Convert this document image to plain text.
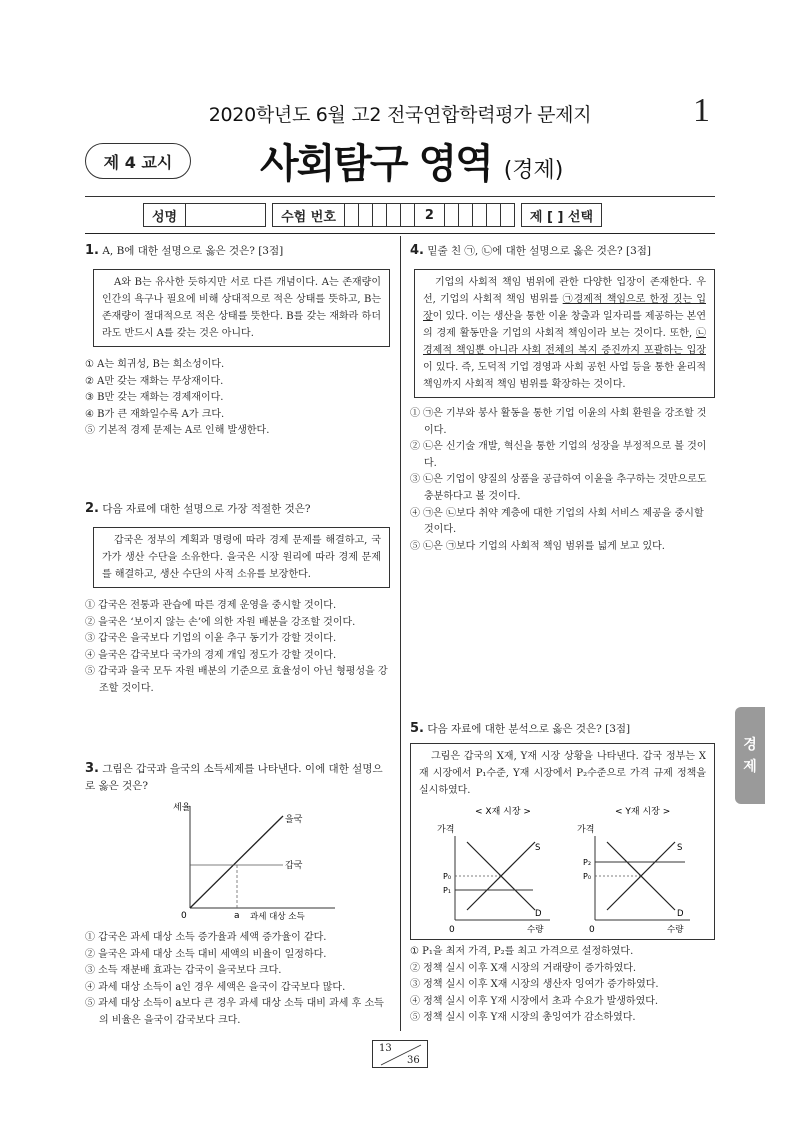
2020학년도 6월 고2 전국연합학력평가 문제지	1
제 4 교시	사회탐구 영역 (경제)
성명	수험 번호	2	제 [ ] 선택
1. A, B에 대한 설명으로 옳은 것은? [3점]
A와 B는 유사한 듯하지만 서로 다른 개념이다. A는 존재량이 인간의 욕구나 필요에 비해 상대적으로 적은 상태를 뜻하고, B는 존재량이 절대적으로 적은 상태를 뜻한다. B를 갖는 재화라 하더라도 반드시 A를 갖는 것은 아니다.
① A는 희귀성, B는 희소성이다.
② A만 갖는 재화는 무상재이다.
③ B만 갖는 재화는 경제재이다.
④ B가 큰 재화일수록 A가 크다.
⑤ 기본적 경제 문제는 A로 인해 발생한다.
2. 다음 자료에 대한 설명으로 가장 적절한 것은?
갑국은 정부의 계획과 명령에 따라 경제 문제를 해결하고, 국가가 생산 수단을 소유한다. 을국은 시장 원리에 따라 경제 문제를 해결하고, 생산 수단의 사적 소유를 보장한다.
① 갑국은 전통과 관습에 따른 경제 운영을 중시할 것이다.
② 을국은 ‘보이지 않는 손’에 의한 자원 배분을 강조할 것이다.
③ 갑국은 을국보다 기업의 이윤 추구 동기가 강할 것이다.
④ 을국은 갑국보다 국가의 경제 개입 정도가 강할 것이다.
⑤ 갑국과 을국 모두 자원 배분의 기준으로 효율성이 아닌 형평성을 강조할 것이다.
3. 그림은 갑국과 을국의 소득세제를 나타낸다. 이에 대한 설명으로 옳은 것은?
세율
을국
갑국
0	a 과세 대상 소득
① 갑국은 과세 대상 소득 증가율과 세액 증가율이 같다.
② 을국은 과세 대상 소득 대비 세액의 비율이 일정하다.
③ 소득 재분배 효과는 갑국이 을국보다 크다.
④ 과세 대상 소득이 a인 경우 세액은 을국이 갑국보다 많다.
⑤ 과세 대상 소득이 a보다 큰 경우 과세 대상 소득 대비 과세 후 소득의 비율은 을국이 갑국보다 크다.
4. 밑줄 친 ㉠, ㉡에 대한 설명으로 옳은 것은? [3점]
기업의 사회적 책임 범위에 관한 다양한 입장이 존재한다. 우선, 기업의 사회적 책임 범위를 ㉠경제적 책임으로 한정 짓는 입장이 있다. 이는 생산을 통한 이윤 창출과 일자리를 제공하는 본연의 경제 활동만을 기업의 사회적 책임이라 보는 것이다. 또한, ㉡경제적 책임뿐 아니라 사회 전체의 복지 증진까지 포괄하는 입장이 있다. 즉, 도덕적 기업 경영과 사회 공헌 사업 등을 통한 윤리적 책임까지 사회적 책임 범위를 확장하는 것이다.
① ㉠은 기부와 봉사 활동을 통한 기업 이윤의 사회 환원을 강조할 것이다.
② ㉡은 신기술 개발, 혁신을 통한 기업의 성장을 부정적으로 볼 것이다.
③ ㉡은 기업이 양질의 상품을 공급하여 이윤을 추구하는 것만으로도 충분하다고 볼 것이다.
④ ㉠은 ㉡보다 취약 계층에 대한 기업의 사회 서비스 제공을 중시할 것이다.
⑤ ㉡은 ㉠보다 기업의 사회적 책임 범위를 넓게 보고 있다.
5. 다음 자료에 대한 분석으로 옳은 것은? [3점]
그림은 갑국의 X재, Y재 시장 상황을 나타낸다. 갑국 정부는 X재 시장에서 P₁수준, Y재 시장에서 P₂수준으로 가격 규제 정책을 실시하였다.
< X재 시장 >
가격
S
D
P₀
P₁
0	수량
< Y재 시장 >
가격
S
D
P₂
P₀
0	수량
① P₁을 최저 가격, P₂를 최고 가격으로 설정하였다.
② 정책 실시 이후 X재 시장의 거래량이 증가하였다.
③ 정책 실시 이후 X재 시장의 생산자 잉여가 증가하였다.
④ 정책 실시 이후 Y재 시장에서 초과 수요가 발생하였다.
⑤ 정책 실시 이후 Y재 시장의 총잉여가 감소하였다.
경
제
13
36
